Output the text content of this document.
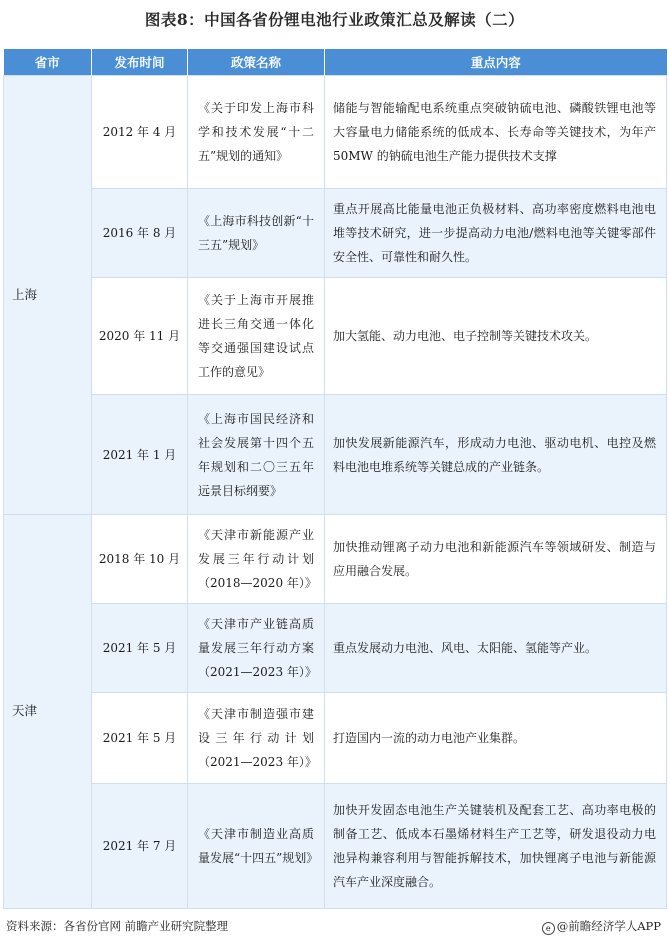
图表8：中国各省份锂电池行业政策汇总及解读（二）
省市	发布时间	政策名称	重点内容
上海	2012 年 4 月	《关于印发上海市科学和技术发展“十二五”规划的通知》	储能与智能输配电系统重点突破钠硫电池、磷酸铁锂电池等大容量电力储能系统的低成本、长寿命等关键技术，为年产 50MW 的钠硫电池生产能力提供技术支撑
	2016 年 8 月	《上海市科技创新“十三五”规划》	重点开展高比能量电池正负极材料、高功率密度燃料电池电堆等技术研究，进一步提高动力电池/燃料电池等关键零部件安全性、可靠性和耐久性。
	2020 年 11 月	《关于上海市开展推进长三角交通一体化等交通强国建设试点工作的意见》	加大氢能、动力电池、电子控制等关键技术攻关。
	2021 年 1 月	《上海市国民经济和社会发展第十四个五年规划和二〇三五年远景目标纲要》	加快发展新能源汽车，形成动力电池、驱动电机、电控及燃料电池电堆系统等关键总成的产业链条。
天津	2018 年 10 月	《天津市新能源产业发展三年行动计划（2018—2020 年）》	加快推动锂离子动力电池和新能源汽车等领域研发、制造与应用融合发展。
	2021 年 5 月	《天津市产业链高质量发展三年行动方案（2021—2023 年）》	重点发展动力电池、风电、太阳能、氢能等产业。
	2021 年 5 月	《天津市制造强市建设三年行动计划（2021—2023 年）》	打造国内一流的动力电池产业集群。
	2021 年 7 月	《天津市制造业高质量发展“十四五”规划》	加快开发固态电池生产关键装机及配套工艺、高功率电极的制备工艺、低成本石墨烯材料生产工艺等，研发退役动力电池异构兼容利用与智能拆解技术，加快锂离子电池与新能源汽车产业深度融合。
资料来源：各省份官网 前瞻产业研究院整理	e @前瞻经济学人APP
